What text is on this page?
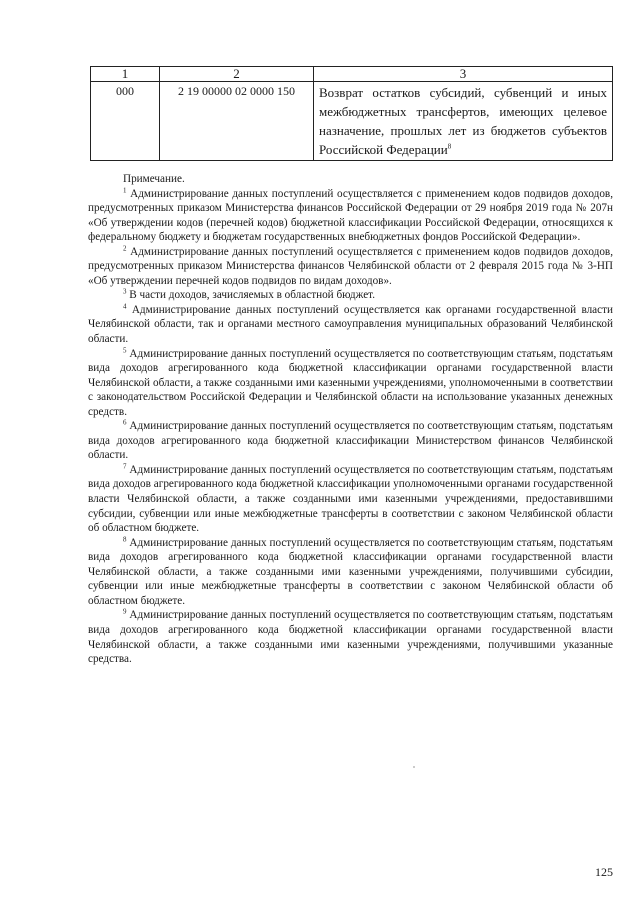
1	2	3
000	2 19 00000 02 0000 150	Возврат остатков субсидий, субвенций и иных межбюджетных трансфертов, имеющих целевое назначение, прошлых лет из бюджетов субъектов Российской Федерации$^8$

Примечание.

$^1$ Администрирование данных поступлений осуществляется с применением кодов подвидов доходов, предусмотренных приказом Министерства финансов Российской Федерации от 29 ноября 2019 года № 207н «Об утверждении кодов (перечней кодов) бюджетной классификации Российской Федерации, относящихся к федеральному бюджету и бюджетам государственных внебюджетных фондов Российской Федерации».

$^2$ Администрирование данных поступлений осуществляется с применением кодов подвидов доходов, предусмотренных приказом Министерства финансов Челябинской области от 2 февраля 2015 года № 3-НП «Об утверждении перечней кодов подвидов по видам доходов».

$^3$ В части доходов, зачисляемых в областной бюджет.

$^4$ Администрирование данных поступлений осуществляется как органами государственной власти Челябинской области, так и органами местного самоуправления муниципальных образований Челябинской области.

$^5$ Администрирование данных поступлений осуществляется по соответствующим статьям, подстатьям вида доходов агрегированного кода бюджетной классификации органами государственной власти Челябинской области, а также созданными ими казенными учреждениями, уполномоченными в соответствии с законодательством Российской Федерации и Челябинской области на использование указанных денежных средств.

$^6$ Администрирование данных поступлений осуществляется по соответствующим статьям, подстатьям вида доходов агрегированного кода бюджетной классификации Министерством финансов Челябинской области.

$^7$ Администрирование данных поступлений осуществляется по соответствующим статьям, подстатьям вида доходов агрегированного кода бюджетной классификации уполномоченными органами государственной власти Челябинской области, а также созданными ими казенными учреждениями, предоставившими субсидии, субвенции или иные межбюджетные трансферты в соответствии с законом Челябинской области об областном бюджете.

$^8$ Администрирование данных поступлений осуществляется по соответствующим статьям, подстатьям вида доходов агрегированного кода бюджетной классификации органами государственной власти Челябинской области, а также созданными ими казенными учреждениями, получившими субсидии, субвенции или иные межбюджетные трансферты в соответствии с законом Челябинской области об областном бюджете.

$^9$ Администрирование данных поступлений осуществляется по соответствующим статьям, подстатьям вида доходов агрегированного кода бюджетной классификации органами государственной власти Челябинской области, а также созданными ими казенными учреждениями, получившими указанные средства.

125
